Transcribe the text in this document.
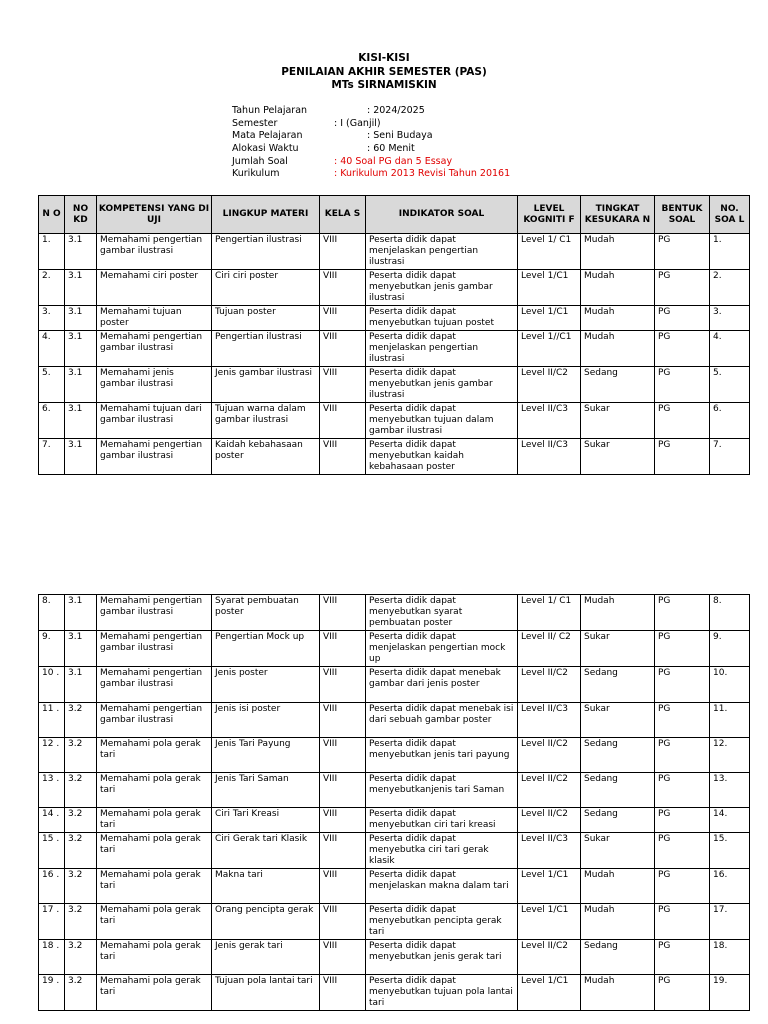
KISI-KISI
PENILAIAN AKHIR SEMESTER (PAS)
MTs SIRNAMISKIN
Tahun Pelajaran	: 2024/2025
Semester	: I (Ganjil)
Mata Pelajaran	: Seni Budaya
Alokasi Waktu	: 60 Menit
Jumlah Soal	: 40 Soal PG dan 5 Essay
Kurikulum	: Kurikulum 2013 Revisi Tahun 20161
N O	NO KD	KOMPETENSI YANG DI UJI	LINGKUP MATERI	KELA S	INDIKATOR SOAL	LEVEL KOGNITI F	TINGKAT KESUKARA N	BENTUK SOAL	NO. SOA L
1.	3.1	Memahami pengertian gambar ilustrasi	Pengertian ilustrasi	VIII	Peserta didik dapat menjelaskan pengertian ilustrasi	Level 1/ C1	Mudah	PG	1.
2.	3.1	Memahami ciri poster	Ciri ciri poster	VIII	Peserta didik dapat menyebutkan jenis gambar ilustrasi	Level 1/C1	Mudah	PG	2.
3.	3.1	Memahami tujuan poster	Tujuan poster	VIII	Peserta didik dapat menyebutkan tujuan postet	Level 1/C1	Mudah	PG	3.
4.	3.1	Memahami pengertian gambar ilustrasi	Pengertian ilustrasi	VIII	Peserta didik dapat menjelaskan pengertian ilustrasi	Level 1//C1	Mudah	PG	4.
5.	3.1	Memahami jenis gambar ilustrasi	Jenis gambar ilustrasi	VIII	Peserta didik dapat menyebutkan jenis gambar ilustrasi	Level II/C2	Sedang	PG	5.
6.	3.1	Memahami tujuan dari gambar ilustrasi	Tujuan warna dalam gambar ilustrasi	VIII	Peserta didik dapat menyebutkan tujuan dalam gambar ilustrasi	Level II/C3	Sukar	PG	6.
7.	3.1	Memahami pengertian gambar ilustrasi	Kaidah kebahasaan poster	VIII	Peserta didik dapat menyebutkan kaidah kebahasaan poster	Level II/C3	Sukar	PG	7.
8.	3.1	Memahami pengertian gambar ilustrasi	Syarat pembuatan poster	VIII	Peserta didik dapat menyebutkan syarat pembuatan poster	Level 1/ C1	Mudah	PG	8.
9.	3.1	Memahami pengertian gambar ilustrasi	Pengertian Mock up	VIII	Peserta didik dapat menjelaskan pengertian mock up	Level II/ C2	Sukar	PG	9.
10 .	3.1	Memahami pengertian gambar ilustrasi	Jenis poster	VIII	Peserta didik dapat menebak gambar dari jenis poster	Level II/C2	Sedang	PG	10.
11 .	3.2	Memahami pengertian gambar ilustrasi	Jenis isi poster	VIII	Peserta didik dapat menebak isi dari sebuah gambar poster	Level II/C3	Sukar	PG	11.
12 .	3.2	Memahami pola gerak tari	Jenis Tari Payung	VIII	Peserta didik dapat menyebutkan jenis tari payung	Level II/C2	Sedang	PG	12.
13 .	3.2	Memahami pola gerak tari	Jenis Tari Saman	VIII	Peserta didik dapat menyebutkanjenis tari Saman	Level II/C2	Sedang	PG	13.
14 .	3.2	Memahami pola gerak tari	Ciri Tari Kreasi	VIII	Peserta didik dapat menyebutkan ciri tari kreasi	Level II/C2	Sedang	PG	14.
15 .	3.2	Memahami pola gerak tari	Ciri Gerak tari Klasik	VIII	Peserta didik dapat menyebutka ciri tari gerak klasik	Level II/C3	Sukar	PG	15.
16 .	3.2	Memahami pola gerak tari	Makna tari	VIII	Peserta didik dapat menjelaskan makna dalam tari	Level 1/C1	Mudah	PG	16.
17 .	3.2	Memahami pola gerak tari	Orang pencipta gerak	VIII	Peserta didik dapat menyebutkan pencipta gerak tari	Level 1/C1	Mudah	PG	17.
18 .	3.2	Memahami pola gerak tari	Jenis gerak tari	VIII	Peserta didik dapat menyebutkan jenis gerak tari	Level II/C2	Sedang	PG	18.
19 .	3.2	Memahami pola gerak tari	Tujuan pola lantai tari	VIII	Peserta didik dapat menyebutkan tujuan pola lantai tari	Level 1/C1	Mudah	PG	19.
